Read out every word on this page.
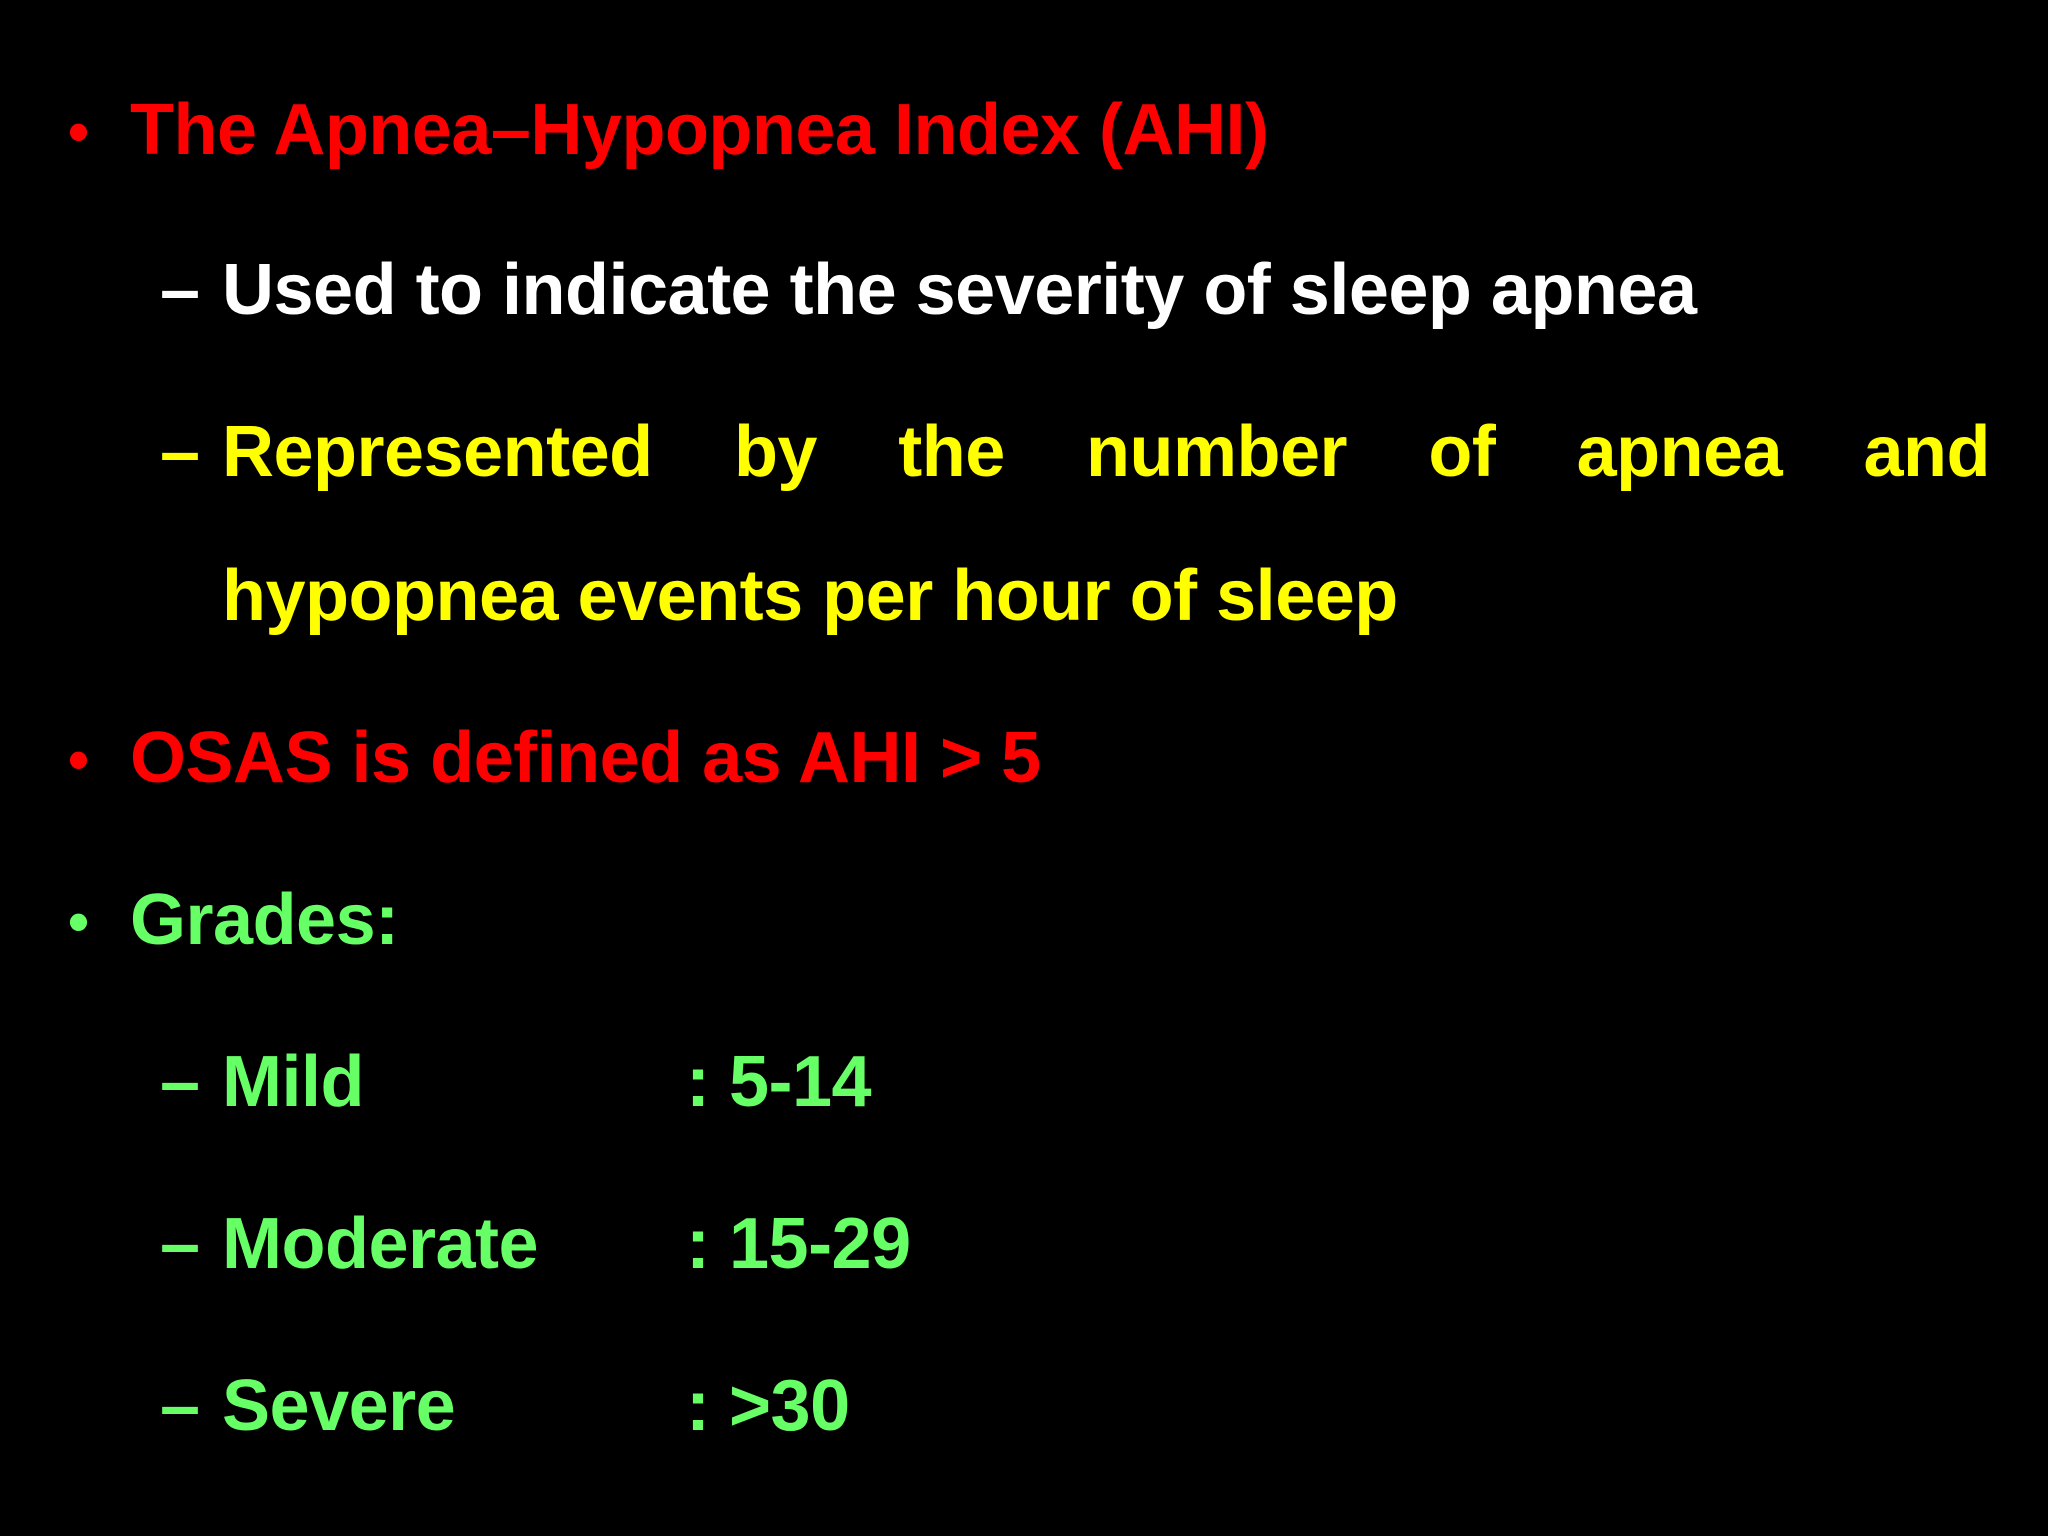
• The Apnea–Hypopnea Index (AHI)
– Used to indicate the severity of sleep apnea
– Represented by the number of apnea and
hypopnea events per hour of sleep
• OSAS is defined as AHI > 5
• Grades:
– Mild	: 5-14
– Moderate : 15-29
– Severe	: >30
